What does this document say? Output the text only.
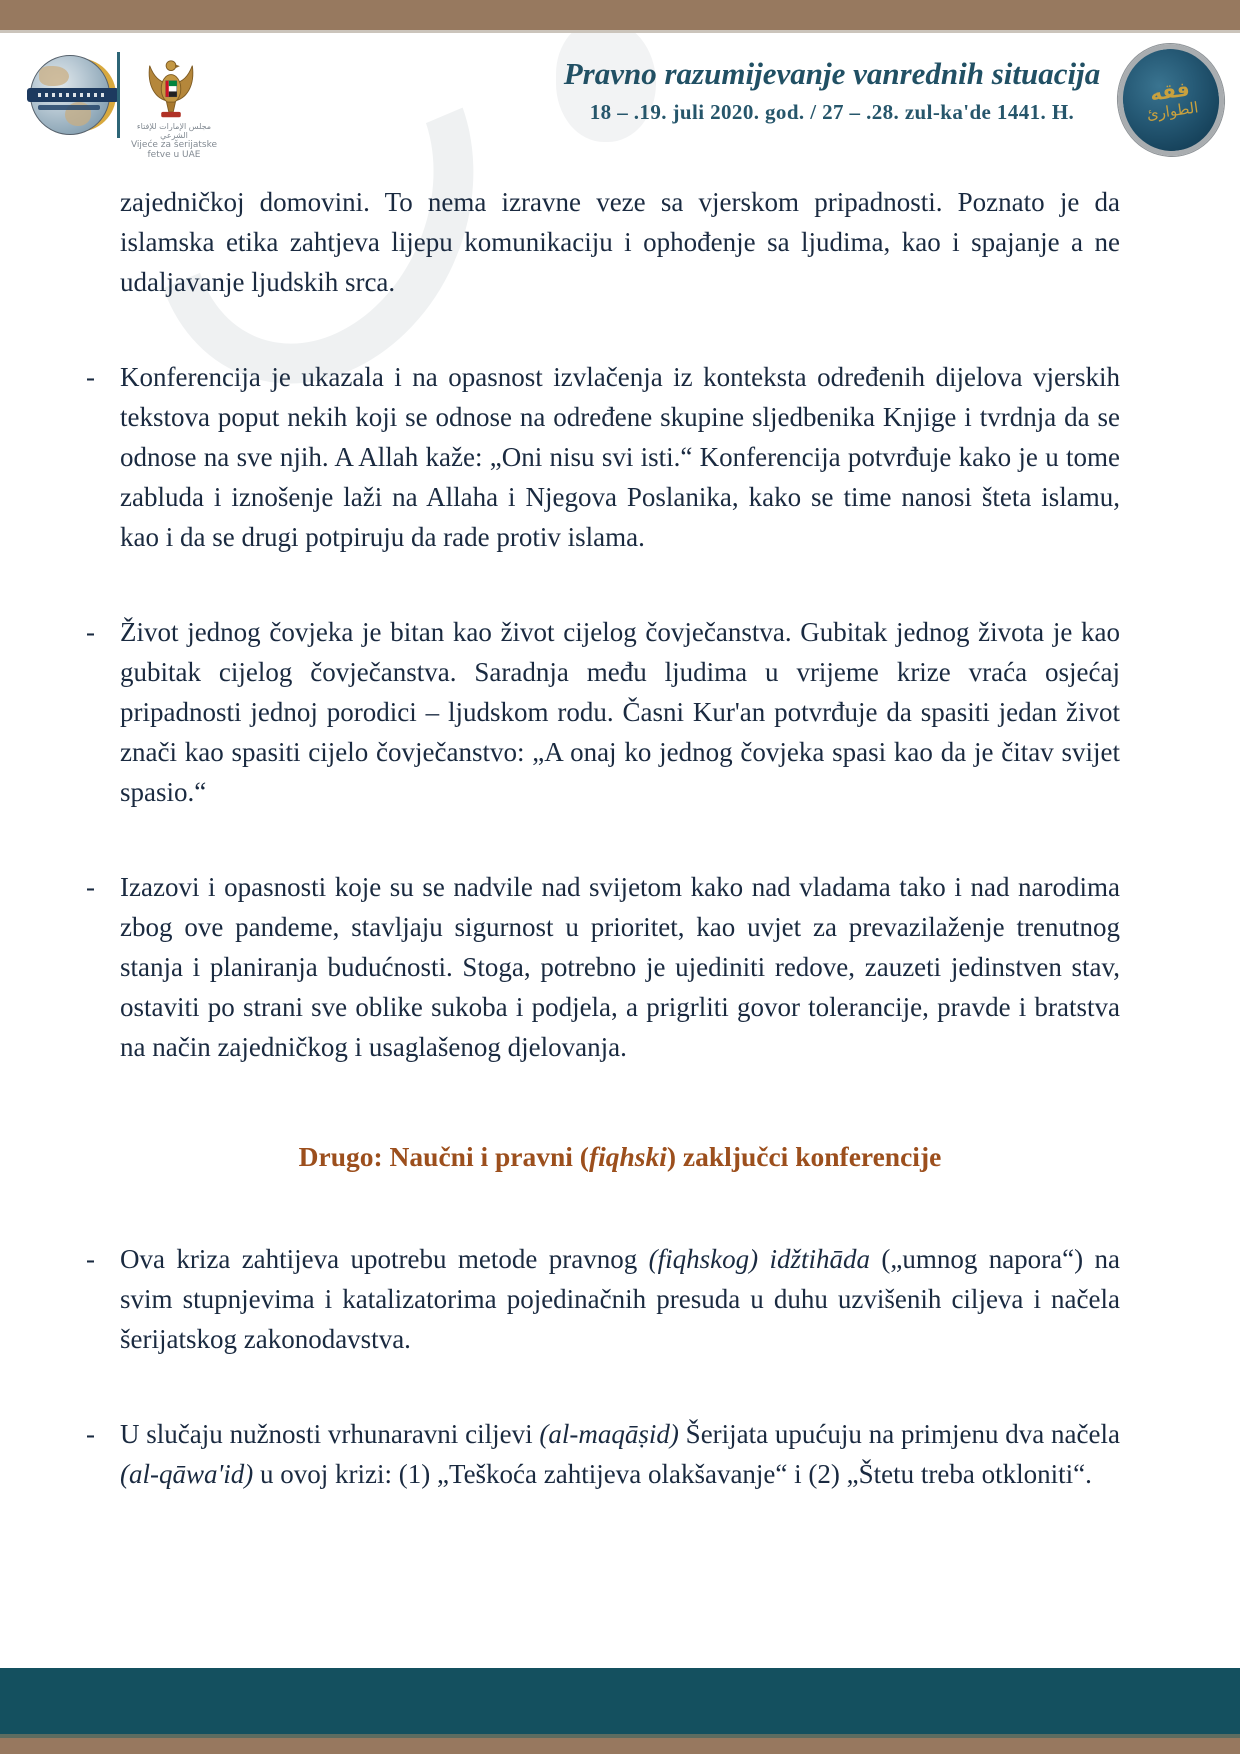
مجلس الإمارات للإفتاء الشرعي
Vijeće za šerijatske
fetve u UAE
Pravno razumijevanje vanrednih situacija
18 – .19. juli 2020. god. / 27 – .28. zul-ka'de 1441. H.
فقه
الطوارئ
zajedničkoj domovini. To nema izravne veze sa vjerskom pripadnosti. Poznato je da islamska etika zahtjeva lijepu komunikaciju i ophođenje sa ljudima, kao i spajanje a ne udaljavanje ljudskih srca.
- Konferencija je ukazala i na opasnost izvlačenja iz konteksta određenih dijelova vjerskih tekstova poput nekih koji se odnose na određene skupine sljedbenika Knjige i tvrdnja da se odnose na sve njih. A Allah kaže: „Oni nisu svi isti.“ Konferencija potvrđuje kako je u tome zabluda i iznošenje laži na Allaha i Njegova Poslanika, kako se time nanosi šteta islamu, kao i da se drugi potpiruju da rade protiv islama.
- Život jednog čovjeka je bitan kao život cijelog čovječanstva. Gubitak jednog života je kao gubitak cijelog čovječanstva. Saradnja među ljudima u vrijeme krize vraća osjećaj pripadnosti jednoj porodici – ljudskom rodu. Časni Kur'an potvrđuje da spasiti jedan život znači kao spasiti cijelo čovječanstvo: „A onaj ko jednog čovjeka spasi kao da je čitav svijet spasio.“
- Izazovi i opasnosti koje su se nadvile nad svijetom kako nad vladama tako i nad narodima zbog ove pandeme, stavljaju sigurnost u prioritet, kao uvjet za prevazilaženje trenutnog stanja i planiranja budućnosti. Stoga, potrebno je ujediniti redove, zauzeti jedinstven stav, ostaviti po strani sve oblike sukoba i podjela, a prigrliti govor tolerancije, pravde i bratstva na način zajedničkog i usaglašenog djelovanja.
Drugo: Naučni i pravni (fiqhski) zaključci konferencije
- Ova kriza zahtijeva upotrebu metode pravnog (fiqhskog) idžtihāda („umnog napora“) na svim stupnjevima i katalizatorima pojedinačnih presuda u duhu uzvišenih ciljeva i načela šerijatskog zakonodavstva.
- U slučaju nužnosti vrhunaravni ciljevi (al-maqāṣid) Šerijata upućuju na primjenu dva načela (al-qāwa'id) u ovoj krizi: (1) „Teškoća zahtijeva olakšavanje“ i (2) „Štetu treba otkloniti“.
